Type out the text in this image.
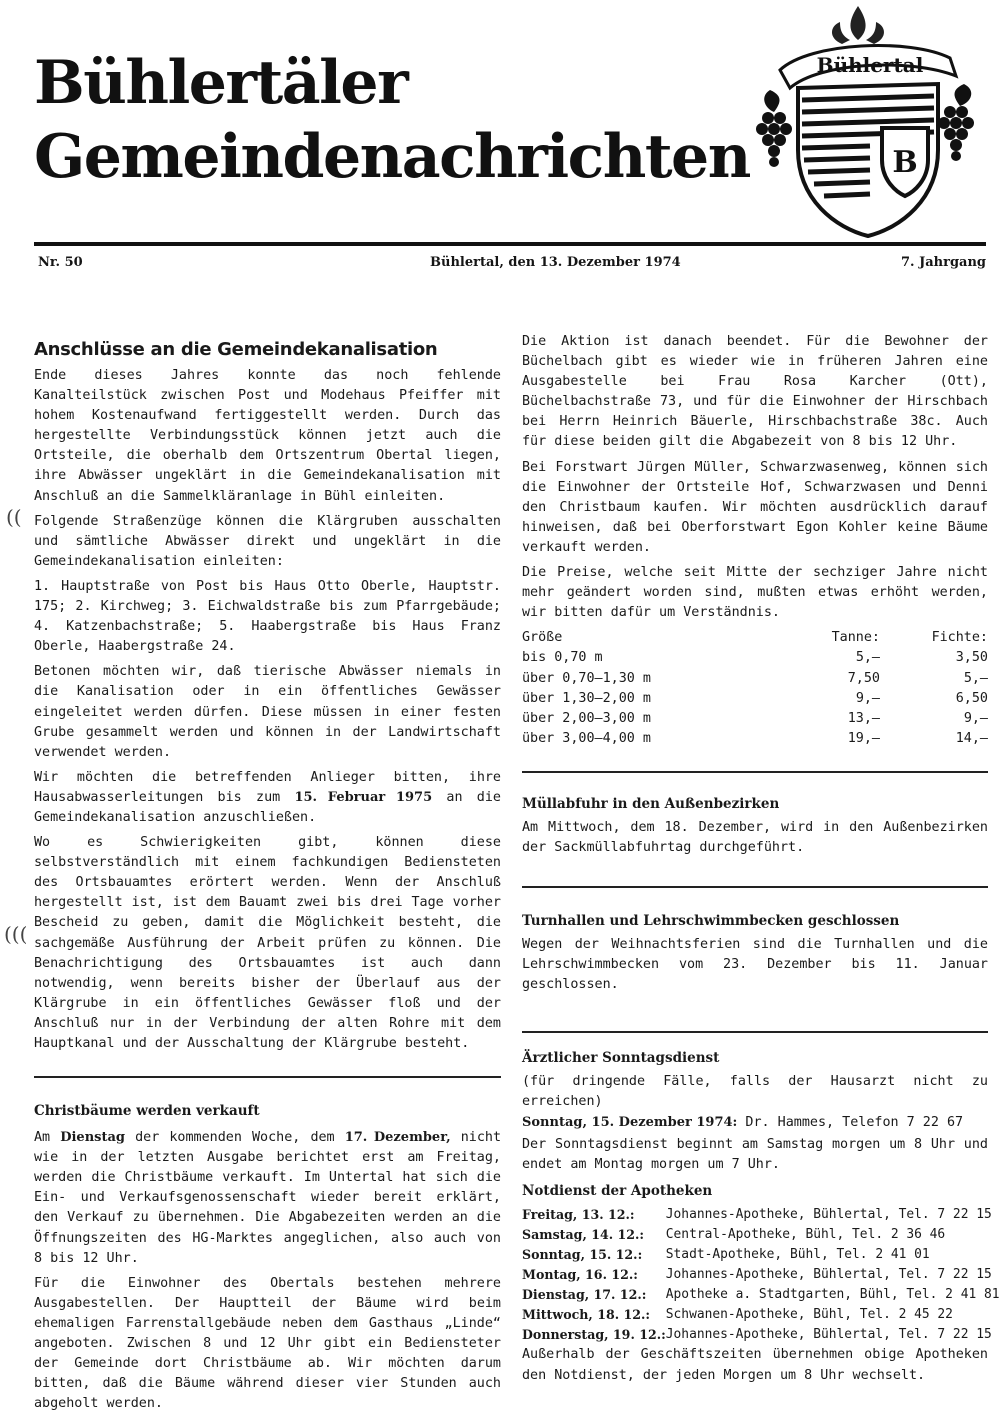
Bühlertäler
Gemeindenachrichten
Bühlertal
B
Nr. 50	Bühlertal, den 13. Dezember 1974	7. Jahrgang
((
(((
Anschlüsse an die Gemeindekanalisation

Ende dieses Jahres konnte das noch fehlende Kanalteilstück zwischen Post und Modehaus Pfeiffer mit hohem Kostenaufwand fertiggestellt werden. Durch das hergestellte Verbindungsstück können jetzt auch die Ortsteile, die oberhalb dem Ortszentrum Obertal liegen, ihre Abwässer ungeklärt in die Gemeindekanalisation mit Anschluß an die Sammelkläranlage in Bühl einleiten.

Folgende Straßenzüge können die Klärgruben ausschalten und sämtliche Abwässer direkt und ungeklärt in die Gemeindekanalisation einleiten:

1. Hauptstraße von Post bis Haus Otto Oberle, Hauptstr. 175; 2. Kirchweg; 3. Eichwaldstraße bis zum Pfarrgebäude; 4. Katzenbachstraße; 5. Haabergstraße bis Haus Franz Oberle, Haabergstraße 24.

Betonen möchten wir, daß tierische Abwässer niemals in die Kanalisation oder in ein öffentliches Gewässer eingeleitet werden dürfen. Diese müssen in einer festen Grube gesammelt werden und können in der Landwirtschaft verwendet werden.

Wir möchten die betreffenden Anlieger bitten, ihre Hausabwasserleitungen bis zum 15. Februar 1975 an die Gemeindekanalisation anzuschließen.

Wo es Schwierigkeiten gibt, können diese selbstverständlich mit einem fachkundigen Bediensteten des Ortsbauamtes erörtert werden. Wenn der Anschluß hergestellt ist, ist dem Bauamt zwei bis drei Tage vorher Bescheid zu geben, damit die Möglichkeit besteht, die sachgemäße Ausführung der Arbeit prüfen zu können. Die Benachrichtigung des Ortsbauamtes ist auch dann notwendig, wenn bereits bisher der Überlauf aus der Klärgrube in ein öffentliches Gewässer floß und der Anschluß nur in der Verbindung der alten Rohre mit dem Hauptkanal und der Ausschaltung der Klärgrube besteht.

Christbäume werden verkauft

Am Dienstag der kommenden Woche, dem 17. Dezember, nicht wie in der letzten Ausgabe berichtet erst am Freitag, werden die Christbäume verkauft. Im Untertal hat sich die Ein- und Verkaufsgenossenschaft wieder bereit erklärt, den Verkauf zu übernehmen. Die Abgabezeiten werden an die Öffnungszeiten des HG-Marktes angeglichen, also auch von 8 bis 12 Uhr.

Für die Einwohner des Obertals bestehen mehrere Ausgabestellen. Der Hauptteil der Bäume wird beim ehemaligen Farrenstallgebäude neben dem Gasthaus „Linde“ angeboten. Zwischen 8 und 12 Uhr gibt ein Bediensteter der Gemeinde dort Christbäume ab. Wir möchten darum bitten, daß die Bäume während dieser vier Stunden auch abgeholt werden.

Die Aktion ist danach beendet. Für die Bewohner der Büchelbach gibt es wieder wie in früheren Jahren eine Ausgabestelle bei Frau Rosa Karcher (Ott), Büchelbachstraße 73, und für die Einwohner der Hirschbach bei Herrn Heinrich Bäuerle, Hirschbachstraße 38c. Auch für diese beiden gilt die Abgabezeit von 8 bis 12 Uhr.

Bei Forstwart Jürgen Müller, Schwarzwasenweg, können sich die Einwohner der Ortsteile Hof, Schwarzwasen und Denni den Christbaum kaufen. Wir möchten ausdrücklich darauf hinweisen, daß bei Oberforstwart Egon Kohler keine Bäume verkauft werden.

Die Preise, welche seit Mitte der sechziger Jahre nicht mehr geändert worden sind, mußten etwas erhöht werden, wir bitten dafür um Verständnis.

Größe	Tanne:	Fichte:
bis 0,70 m	5,—	3,50
über 0,70—1,30 m	7,50	5,—
über 1,30—2,00 m	9,—	6,50
über 2,00—3,00 m	13,—	9,—
über 3,00—4,00 m	19,—	14,—
Müllabfuhr in den Außenbezirken

Am Mittwoch, dem 18. Dezember, wird in den Außenbezirken der Sackmüllabfuhrtag durchgeführt.

Turnhallen und Lehrschwimmbecken geschlossen

Wegen der Weihnachtsferien sind die Turnhallen und die Lehrschwimmbecken vom 23. Dezember bis 11. Januar geschlossen.

Ärztlicher Sonntagsdienst

(für dringende Fälle, falls der Hausarzt nicht zu erreichen)

Sonntag, 15. Dezember 1974: Dr. Hammes, Telefon 7 22 67

Der Sonntagsdienst beginnt am Samstag morgen um 8 Uhr und endet am Montag morgen um 7 Uhr.

Notdienst der Apotheken
Freitag, 13. 12.:	Johannes-Apotheke, Bühlertal, Tel. 7 22 15
Samstag, 14. 12.:	Central-Apotheke, Bühl, Tel. 2 36 46
Sonntag, 15. 12.:	Stadt-Apotheke, Bühl, Tel. 2 41 01
Montag, 16. 12.:	Johannes-Apotheke, Bühlertal, Tel. 7 22 15
Dienstag, 17. 12.:	Apotheke a. Stadtgarten, Bühl, Tel. 2 41 81
Mittwoch, 18. 12.:	Schwanen-Apotheke, Bühl, Tel. 2 45 22
Donnerstag, 19. 12.:	Johannes-Apotheke, Bühlertal, Tel. 7 22 15

Außerhalb der Geschäftszeiten übernehmen obige Apotheken den Notdienst, der jeden Morgen um 8 Uhr wechselt.
